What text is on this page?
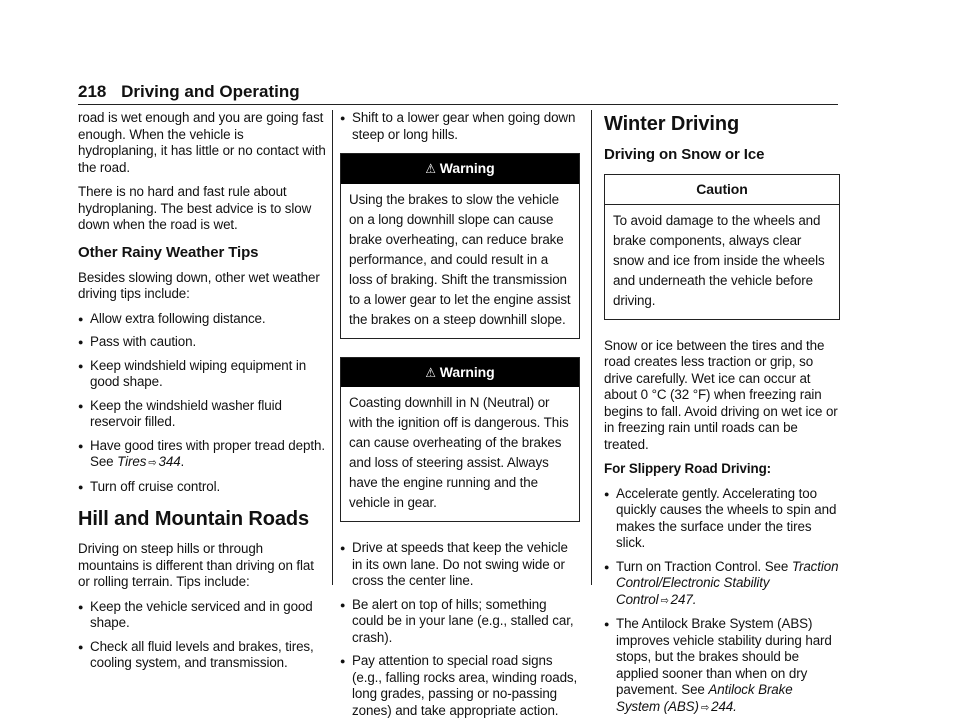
218 Driving and Operating

road is wet enough and you are going fast enough. When the vehicle is hydroplaning, it has little or no contact with the road.

There is no hard and fast rule about hydroplaning. The best advice is to slow down when the road is wet.

Other Rainy Weather Tips

Besides slowing down, other wet weather driving tips include:

● Allow extra following distance.
● Pass with caution.
● Keep windshield wiping equipment in good shape.
● Keep the windshield washer fluid reservoir filled.
● Have good tires with proper tread depth. See Tires ⇨ 344.
● Turn off cruise control.
Hill and Mountain Roads

Driving on steep hills or through mountains is different than driving on flat or rolling terrain. Tips include:

● Keep the vehicle serviced and in good shape.
● Check all fluid levels and brakes, tires, cooling system, and transmission.
● Shift to a lower gear when going down steep or long hills.
⚠ Warning
Using the brakes to slow the vehicle on a long downhill slope can cause brake overheating, can reduce brake performance, and could result in a loss of braking. Shift the transmission to a lower gear to let the engine assist the brakes on a steep downhill slope.
⚠ Warning
Coasting downhill in N (Neutral) or with the ignition off is dangerous. This can cause overheating of the brakes and loss of steering assist. Always have the engine running and the vehicle in gear.
● Drive at speeds that keep the vehicle in its own lane. Do not swing wide or cross the center line.
● Be alert on top of hills; something could be in your lane (e.g., stalled car, crash).
● Pay attention to special road signs (e.g., falling rocks area, winding roads, long grades, passing or no-passing zones) and take appropriate action.
Winter Driving
Driving on Snow or Ice
Caution
To avoid damage to the wheels and brake components, always clear snow and ice from inside the wheels and underneath the vehicle before driving.

Snow or ice between the tires and the road creates less traction or grip, so drive carefully. Wet ice can occur at about 0 °C (32 °F) when freezing rain begins to fall. Avoid driving on wet ice or in freezing rain until roads can be treated.

For Slippery Road Driving:

● Accelerate gently. Accelerating too quickly causes the wheels to spin and makes the surface under the tires slick.
● Turn on Traction Control. See Traction Control/Electronic Stability Control ⇨ 247.
● The Antilock Brake System (ABS) improves vehicle stability during hard stops, but the brakes should be applied sooner than when on dry pavement. See Antilock Brake System (ABS) ⇨ 244.
